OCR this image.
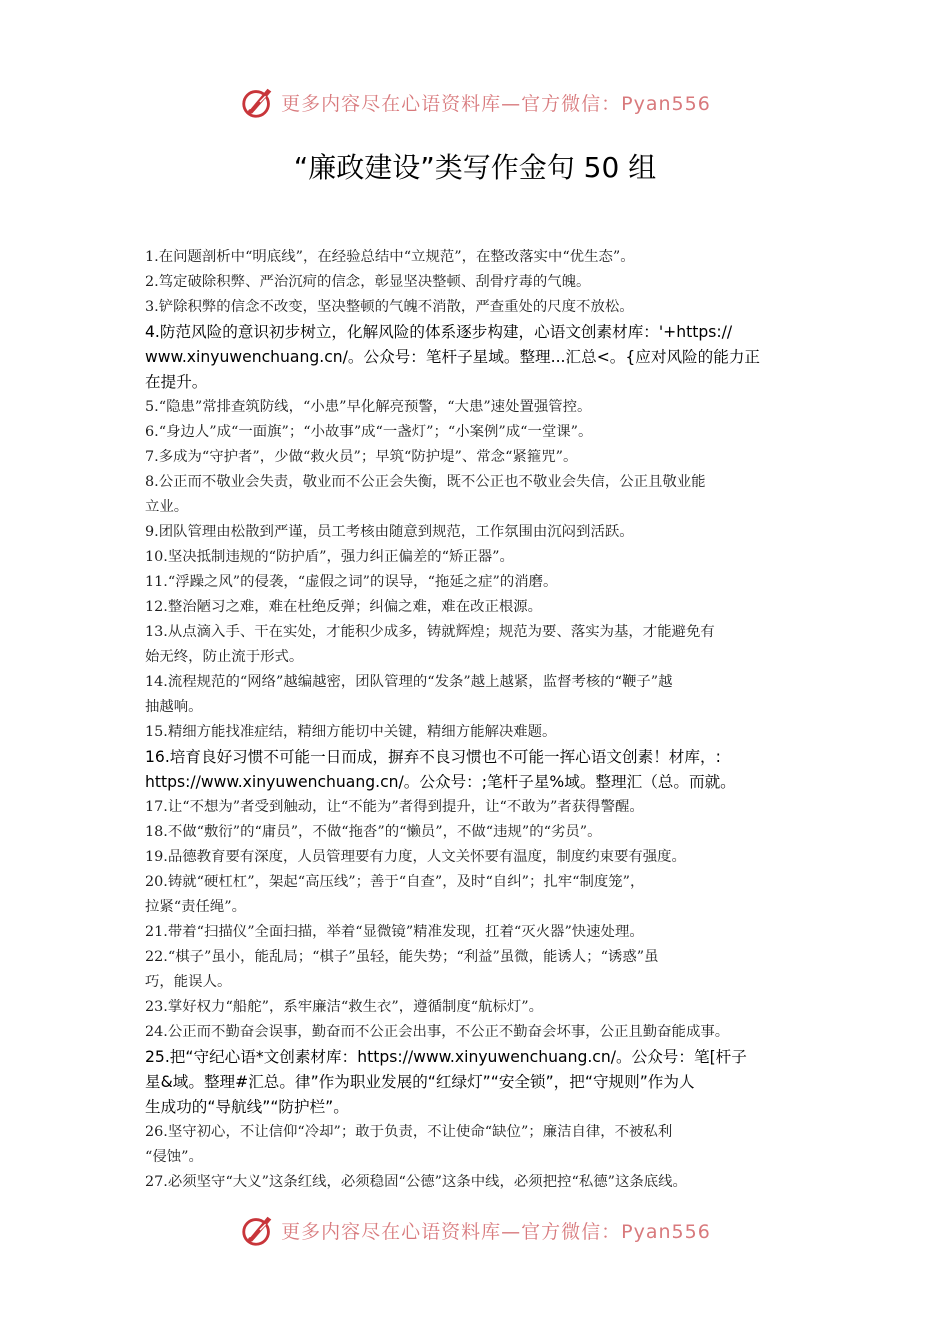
更多内容尽在心语资料库—官方微信：Pyan556
“廉政建设”类写作金句 50 组

1.在问题剖析中“明底线”，在经验总结中“立规范”，在整改落实中“优生态”。

2.笃定破除积弊、严治沉疴的信念，彰显坚决整顿、刮骨疗毒的气魄。

3.铲除积弊的信念不改变，坚决整顿的气魄不消散，严查重处的尺度不放松。

4.防范风险的意识初步树立，化解风险的体系逐步构建，心语文创素材库：'+https://
www.xinyuwenchuang.cn/。公众号：笔杆子星域。整理...汇总<。{应对风险的能力正
在提升。

5.“隐患”常排查筑防线，“小患”早化解亮预警，“大患”速处置强管控。

6.“身边人”成“一面旗”；“小故事”成“一盏灯”；“小案例”成“一堂课”。

7.多成为“守护者”，少做“救火员”；早筑“防护堤”、常念“紧箍咒”。

8.公正而不敬业会失责，敬业而不公正会失衡，既不公正也不敬业会失信，公正且敬业能
立业。

9.团队管理由松散到严谨，员工考核由随意到规范，工作氛围由沉闷到活跃。

10.坚决抵制违规的“防护盾”，强力纠正偏差的“矫正器”。

11.“浮躁之风”的侵袭，“虚假之词”的误导，“拖延之症”的消磨。

12.整治陋习之难，难在杜绝反弹；纠偏之难，难在改正根源。

13.从点滴入手、干在实处，才能积少成多，铸就辉煌；规范为要、落实为基，才能避免有
始无终，防止流于形式。

14.流程规范的“网络”越编越密，团队管理的“发条”越上越紧，监督考核的“鞭子”越
抽越响。

15.精细方能找准症结，精细方能切中关键，精细方能解决难题。

16.培育良好习惯不可能一日而成，摒弃不良习惯也不可能一挥心语文创素！材库，:
https://www.xinyuwenchuang.cn/。公众号：;笔杆子星%域。整理汇（总。而就。

17.让“不想为”者受到触动，让“不能为”者得到提升，让“不敢为”者获得警醒。

18.不做“敷衍”的“庸员”，不做“拖沓”的“懒员”，不做“违规”的“劣员”。

19.品德教育要有深度，人员管理要有力度，人文关怀要有温度，制度约束要有强度。

20.铸就“硬杠杠”，架起“高压线”；善于“自查”，及时“自纠”；扎牢“制度笼”，
拉紧“责任绳”。

21.带着“扫描仪”全面扫描，举着“显微镜”精准发现，扛着“灭火器”快速处理。

22.“棋子”虽小，能乱局；“棋子”虽轻，能失势；“利益”虽微，能诱人；“诱惑”虽
巧，能误人。

23.掌好权力“船舵”，系牢廉洁“救生衣”，遵循制度“航标灯”。

24.公正而不勤奋会误事，勤奋而不公正会出事，不公正不勤奋会坏事，公正且勤奋能成事。

25.把“守纪心语*文创素材库：https://www.xinyuwenchuang.cn/。公众号：笔[杆子
星&域。整理#汇总。律”作为职业发展的“红绿灯”“安全锁”，把“守规则”作为人
生成功的“导航线”“防护栏”。

26.坚守初心，不让信仰“冷却”；敢于负责，不让使命“缺位”；廉洁自律，不被私利
“侵蚀”。

27.必须坚守“大义”这条红线，必须稳固“公德”这条中线，必须把控“私德”这条底线。

更多内容尽在心语资料库—官方微信：Pyan556
